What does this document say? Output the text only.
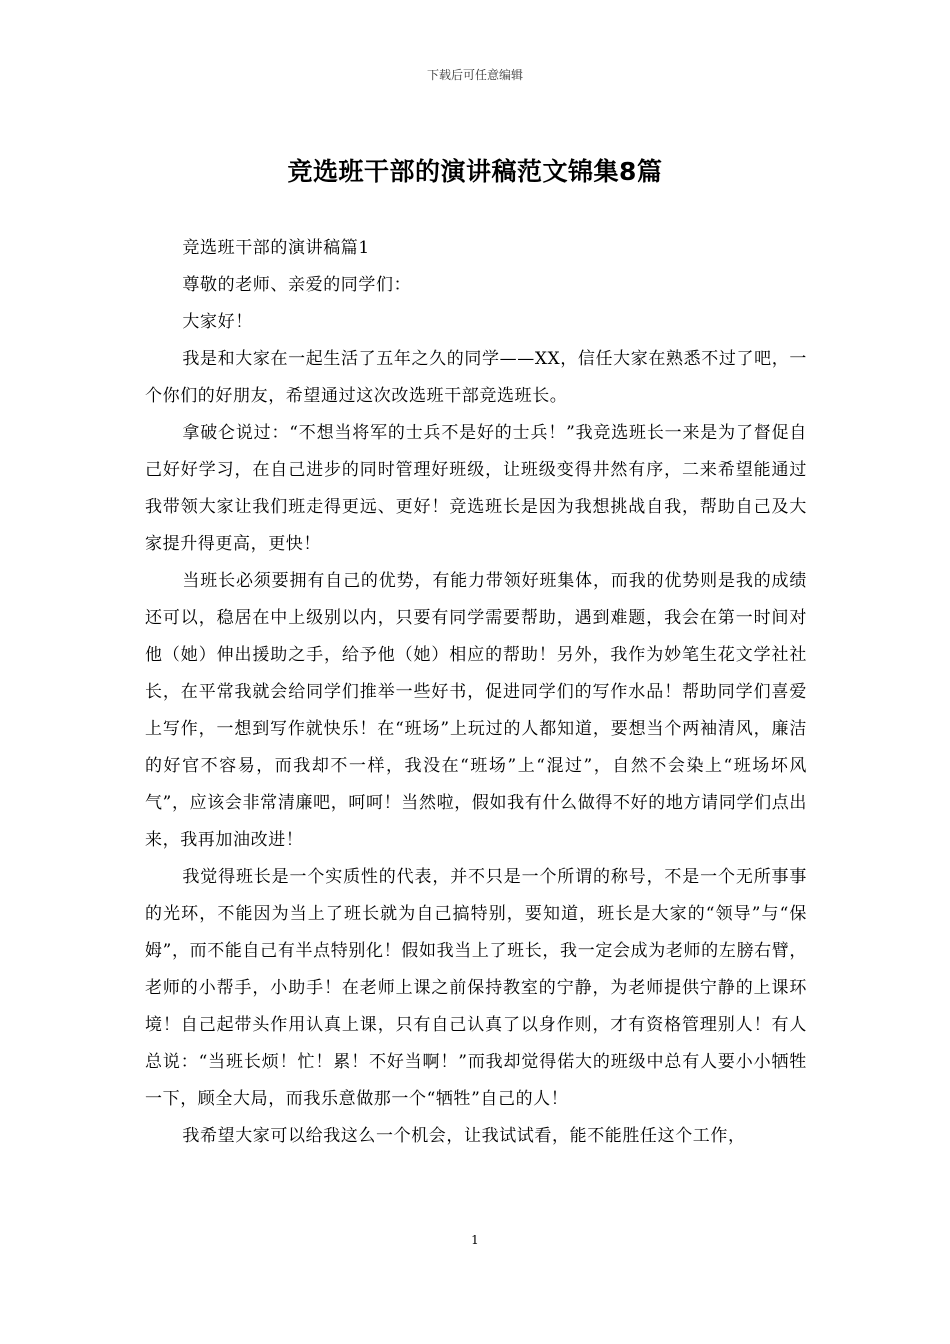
下载后可任意编辑
竞选班干部的演讲稿范文锦集8篇

竞选班干部的演讲稿篇1

尊敬的老师、亲爱的同学们：

大家好！

我是和大家在一起生活了五年之久的同学——XX，信任大家在熟悉不过了吧，一个你们的好朋友，希望通过这次改选班干部竞选班长。

拿破仑说过：“不想当将军的士兵不是好的士兵！”我竞选班长一来是为了督促自己好好学习，在自己进步的同时管理好班级，让班级变得井然有序，二来希望能通过我带领大家让我们班走得更远、更好！竞选班长是因为我想挑战自我，帮助自己及大家提升得更高，更快！

当班长必须要拥有自己的优势，有能力带领好班集体，而我的优势则是我的成绩还可以，稳居在中上级别以内，只要有同学需要帮助，遇到难题，我会在第一时间对他（她）伸出援助之手，给予他（她）相应的帮助！另外，我作为妙笔生花文学社社长，在平常我就会给同学们推举一些好书，促进同学们的写作水品！帮助同学们喜爱上写作，一想到写作就快乐！在“班场”上玩过的人都知道，要想当个两袖清风，廉洁的好官不容易，而我却不一样，我没在“班场”上“混过”，自然不会染上“班场坏风气”，应该会非常清廉吧，呵呵！当然啦，假如我有什么做得不好的地方请同学们点出来，我再加油改进！

我觉得班长是一个实质性的代表，并不只是一个所谓的称号，不是一个无所事事的光环，不能因为当上了班长就为自己搞特别，要知道，班长是大家的“领导”与“保姆”，而不能自己有半点特别化！假如我当上了班长，我一定会成为老师的左膀右臂，老师的小帮手，小助手！在老师上课之前保持教室的宁静，为老师提供宁静的上课环境！自己起带头作用认真上课，只有自己认真了以身作则，才有资格管理别人！有人总说：“当班长烦！忙！累！不好当啊！”而我却觉得偌大的班级中总有人要小小牺牲一下，顾全大局，而我乐意做那一个“牺牲”自己的人！

我希望大家可以给我这么一个机会，让我试试看，能不能胜任这个工作，

1
